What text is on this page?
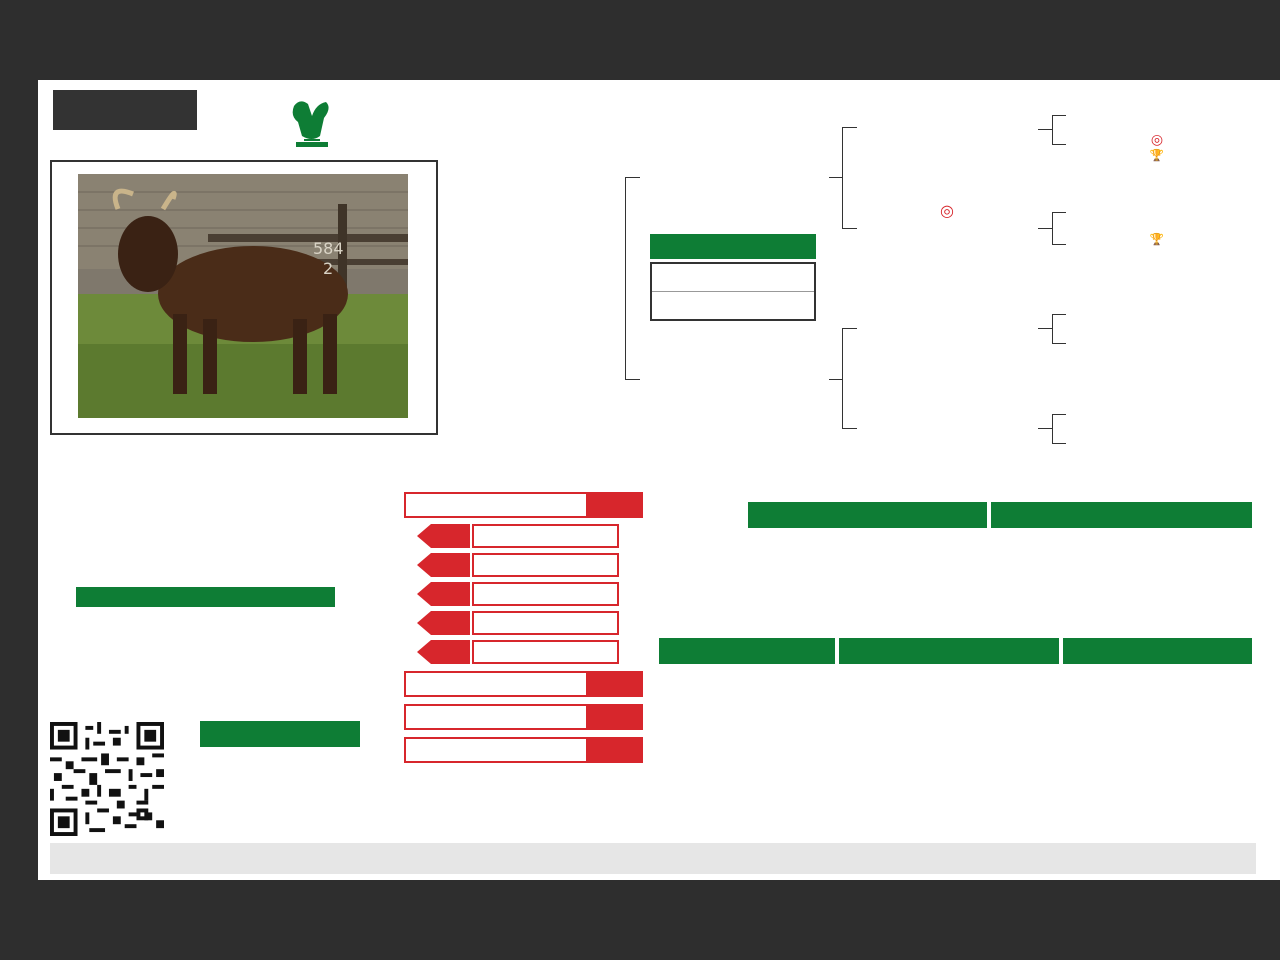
584
2

◎
◎
🏆
🏆
